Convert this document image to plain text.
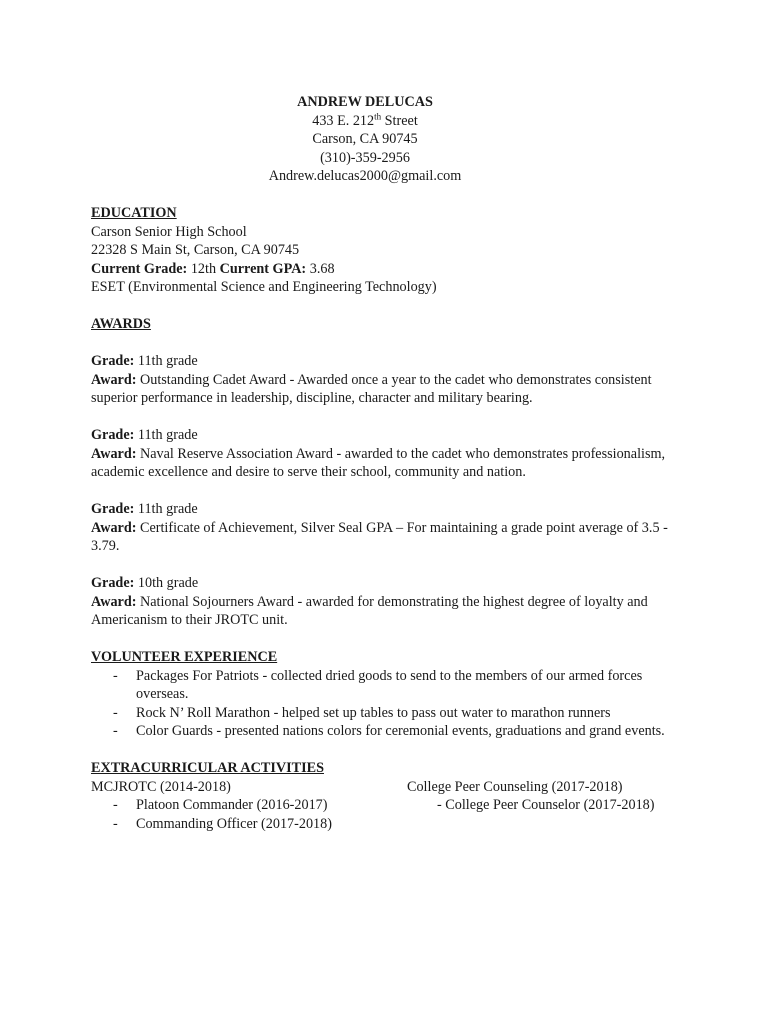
ANDREW DELUCAS
433 E. 212th Street
Carson, CA 90745
(310)-359-2956
Andrew.delucas2000@gmail.com
EDUCATION
Carson Senior High School
22328 S Main St, Carson, CA 90745
Current Grade: 12th Current GPA: 3.68
ESET (Environmental Science and Engineering Technology)
AWARDS
Grade: 11th grade
Award: Outstanding Cadet Award - Awarded once a year to the cadet who demonstrates consistent superior performance in leadership, discipline, character and military bearing.
Grade: 11th grade
Award: Naval Reserve Association Award - awarded to the cadet who demonstrates professionalism, academic excellence and desire to serve their school, community and nation.
Grade: 11th grade
Award: Certificate of Achievement, Silver Seal GPA – For maintaining a grade point average of 3.5 - 3.79.
Grade: 10th grade
Award: National Sojourners Award - awarded for demonstrating the highest degree of loyalty and Americanism to their JROTC unit.
VOLUNTEER EXPERIENCE
- Packages For Patriots - collected dried goods to send to the members of our armed forces overseas.
- Rock N’ Roll Marathon - helped set up tables to pass out water to marathon runners
- Color Guards - presented nations colors for ceremonial events, graduations and grand events.
EXTRACURRICULAR ACTIVITIES
MCJROTC (2014-2018)	College Peer Counseling (2017-2018)
- Platoon Commander (2016-2017)	- College Peer Counselor (2017-2018)
- Commanding Officer (2017-2018)
